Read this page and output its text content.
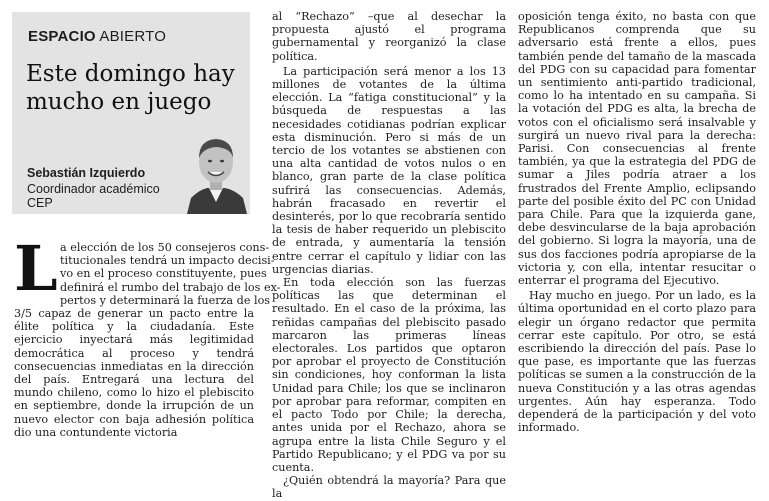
ESPACIO ABIERTO
Este domingo hay mucho en juego
Sebastián Izquierdo
Coordinador académico
CEP
L a elección de los 50 consejeros cons-
titucionales tendrá un impacto decisi-
vo en el proceso constituyente, pues
definirá el rumbo del trabajo de los ex-
pertos y determinará la fuerza de los

3/5 capaz de generar un pacto entre la élite política y la ciudadanía. Este ejercicio inyectará más legitimidad democrática al proceso y tendrá consecuencias inmediatas en la dirección del país. Entregará una lectura del mundo chileno, como lo hizo el plebiscito en septiembre, donde la irrupción de un nuevo elector con baja adhesión política dio una contundente victoria

al “Rechazo” –que al desechar la propuesta ajustó el programa gubernamental y reorganizó la clase política.

La participación será menor a los 13 millones de votantes de la última elección. La “fatiga constitucional” y la búsqueda de respuestas a las necesidades cotidianas podrían explicar esta disminución. Pero si más de un tercio de los votantes se abstienen con una alta cantidad de votos nulos o en blanco, gran parte de la clase política sufrirá las consecuencias. Además, habrán fracasado en revertir el desinterés, por lo que recobraría sentido la tesis de haber requerido un plebiscito de entrada, y aumentaría la tensión entre cerrar el capítulo y lidiar con las urgencias diarias.

En toda elección son las fuerzas políticas las que determinan el resultado. En el caso de la próxima, las reñidas campañas del plebiscito pasado marcaron las primeras líneas electorales. Los partidos que optaron por aprobar el proyecto de Constitución sin condiciones, hoy conforman la lista Unidad para Chile; los que se inclinaron por aprobar para reformar, compiten en el pacto Todo por Chile; la derecha, antes unida por el Rechazo, ahora se agrupa entre la lista Chile Seguro y el Partido Republicano; y el PDG va por su cuenta.

¿Quién obtendrá la mayoría? Para que la

oposición tenga éxito, no basta con que Republicanos comprenda que su adversario está frente a ellos, pues también pende del tamaño de la mascada del PDG con su capacidad para fomentar un sentimiento anti-partido tradicional, como lo ha intentado en su campaña. Si la votación del PDG es alta, la brecha de votos con el oficialismo será insalvable y surgirá un nuevo rival para la derecha: Parisi. Con consecuencias al frente también, ya que la estrategia del PDG de sumar a Jiles podría atraer a los frustrados del Frente Amplio, eclipsando parte del posible éxito del PC con Unidad para Chile. Para que la izquierda gane, debe desvincularse de la baja aprobación del gobierno. Si logra la mayoría, una de sus dos facciones podría apropiarse de la victoria y, con ella, intentar resucitar o enterrar el programa del Ejecutivo.

Hay mucho en juego. Por un lado, es la última oportunidad en el corto plazo para elegir un órgano redactor que permita cerrar este capítulo. Por otro, se está escribiendo la dirección del país. Pase lo que pase, es importante que las fuerzas políticas se sumen a la construcción de la nueva Constitución y a las otras agendas urgentes. Aún hay esperanza. Todo dependerá de la participación y del voto informado.
